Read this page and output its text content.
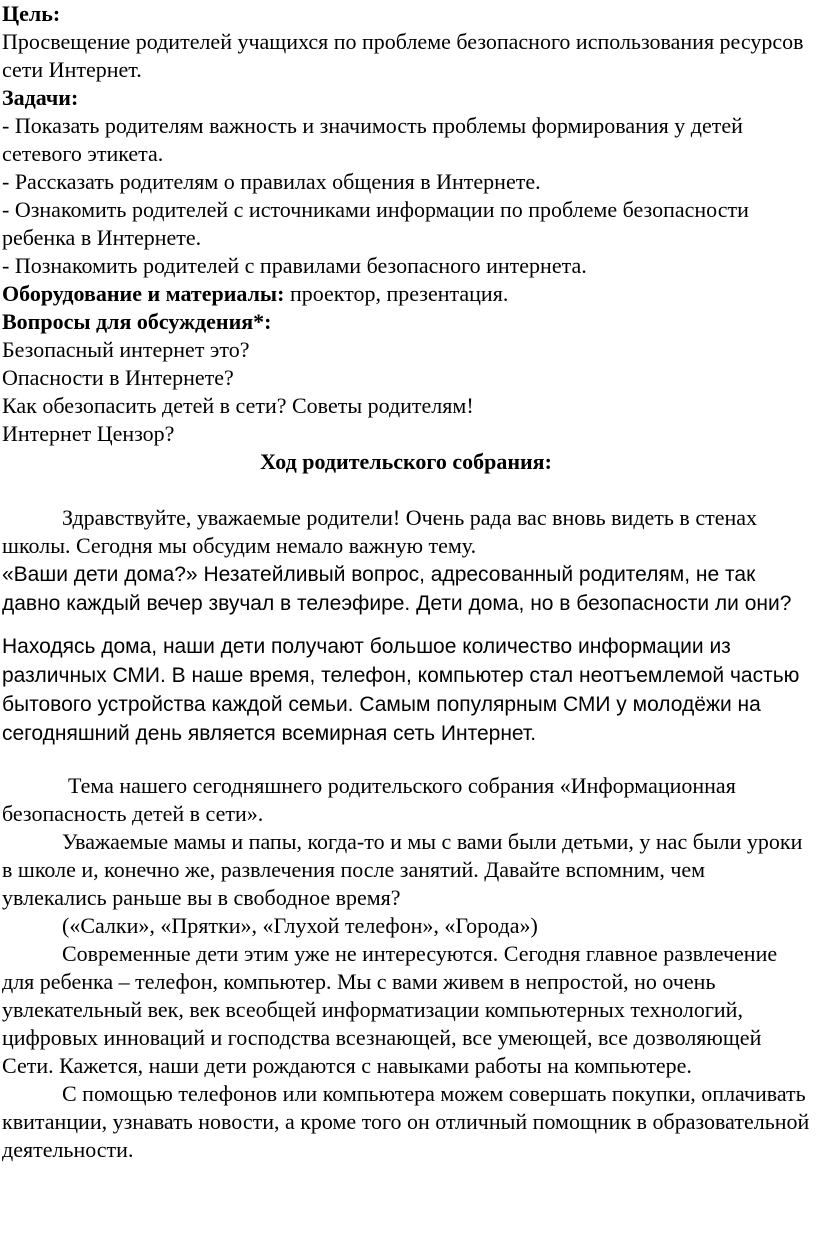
Цель:

Просвещение родителей учащихся по проблеме безопасного использования ресурсов сети Интернет.

Задачи:

- Показать родителям важность и значимость проблемы формирования у детей сетевого этикета.

- Рассказать родителям о правилах общения в Интернете.

- Ознакомить родителей с источниками информации по проблеме безопасности ребенка в Интернете.

- Познакомить родителей с правилами безопасного интернета.

Оборудование и материалы: проектор, презентация.

Вопросы для обсуждения*:

Безопасный интернет это?

Опасности в Интернете?

Как обезопасить детей в сети? Советы родителям!

Интернет Цензор?

Ход родительского собрания:

Здравствуйте, уважаемые родители! Очень рада вас вновь видеть в стенах школы. Сегодня мы обсудим немало важную тему.

«Ваши дети дома?» Незатейливый вопрос, адресованный родителям, не так давно каждый вечер звучал в телеэфире. Дети дома, но в безопасности ли они?

Находясь дома, наши дети получают большое количество информации из различных СМИ. В наше время, телефон, компьютер стал неотъемлемой частью бытового устройства каждой семьи. Самым популярным СМИ у молодёжи на сегодняшний день является всемирная сеть Интернет.

Тема нашего сегодняшнего родительского собрания «Информационная безопасность детей в сети».

Уважаемые мамы и папы, когда-то и мы с вами были детьми, у нас были уроки в школе и, конечно же, развлечения после занятий. Давайте вспомним, чем увлекались раньше вы в свободное время?

(«Салки», «Прятки», «Глухой телефон», «Города»)

Современные дети этим уже не интересуются. Сегодня главное развлечение для ребенка – телефон, компьютер. Мы с вами живем в непростой, но очень увлекательный век, век всеобщей информатизации компьютерных технологий, цифровых инноваций и господства всезнающей, все умеющей, все дозволяющей Сети. Кажется, наши дети рождаются с навыками работы на компьютере.

С помощью телефонов или компьютера можем совершать покупки, оплачивать квитанции, узнавать новости, а кроме того он отличный помощник в образовательной деятельности.
